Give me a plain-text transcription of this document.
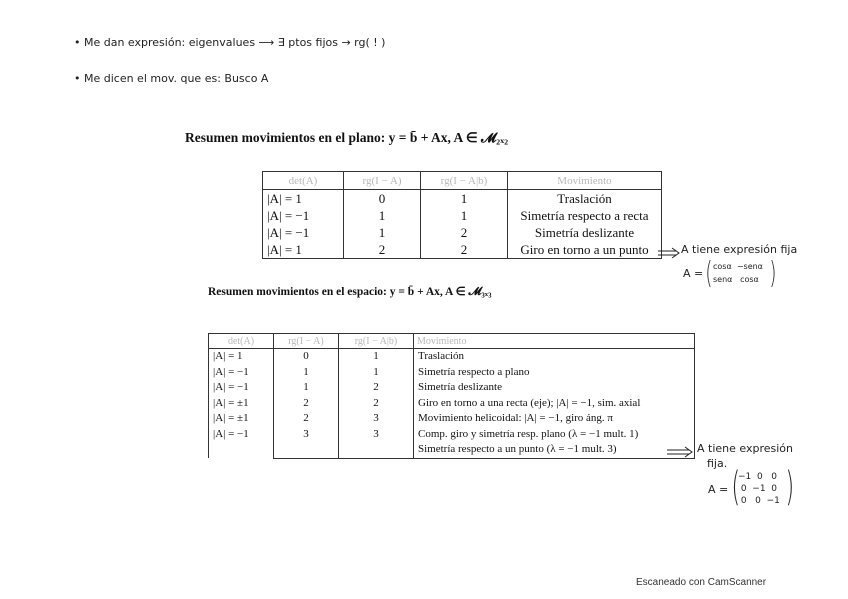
• Me dan expresión: eigenvalues ⟶ ∃ ptos fijos → rg( ! )
• Me dicen el mov. que es: Busco A
Resumen movimientos en el plano: y = b̄ + Ax, A ∈ 𝓜₂ₓ₂
det(A)	rg(I − A)	rg(I − A|b)	Movimiento
|A| = 1	0	1	Traslación
|A| = −1	1	1	Simetría respecto a recta
|A| = −1	1	2	Simetría deslizante
|A| = 1	2	2	Giro en torno a un punto	A tiene expresión fija
A = ( cosα  −senα
senα   cosα )
Resumen movimientos en el espacio: y = b̄ + Ax, A ∈ 𝓜₃ₓ₃
det(A)	rg(I − A)	rg(I − A|b)	Movimiento
|A| = 1	0	1	Traslación
|A| = −1	1	1	Simetría respecto a plano
|A| = −1	1	2	Simetría deslizante
|A| = ±1	2	2	Giro en torno a una recta (eje); |A| = −1, sim. axial
|A| = ±1	2	3	Movimiento helicoidal: |A| = −1, giro áng. π
|A| = −1	3	3	Comp. giro y simetría resp. plano (λ = −1 mult. 1)
			Simetría respecto a un punto (λ = −1 mult. 3)	A tiene expresión
fija.
A = (
−1  0   0
0  −1  0
0   0  −1 )
Escaneado con CamScanner
